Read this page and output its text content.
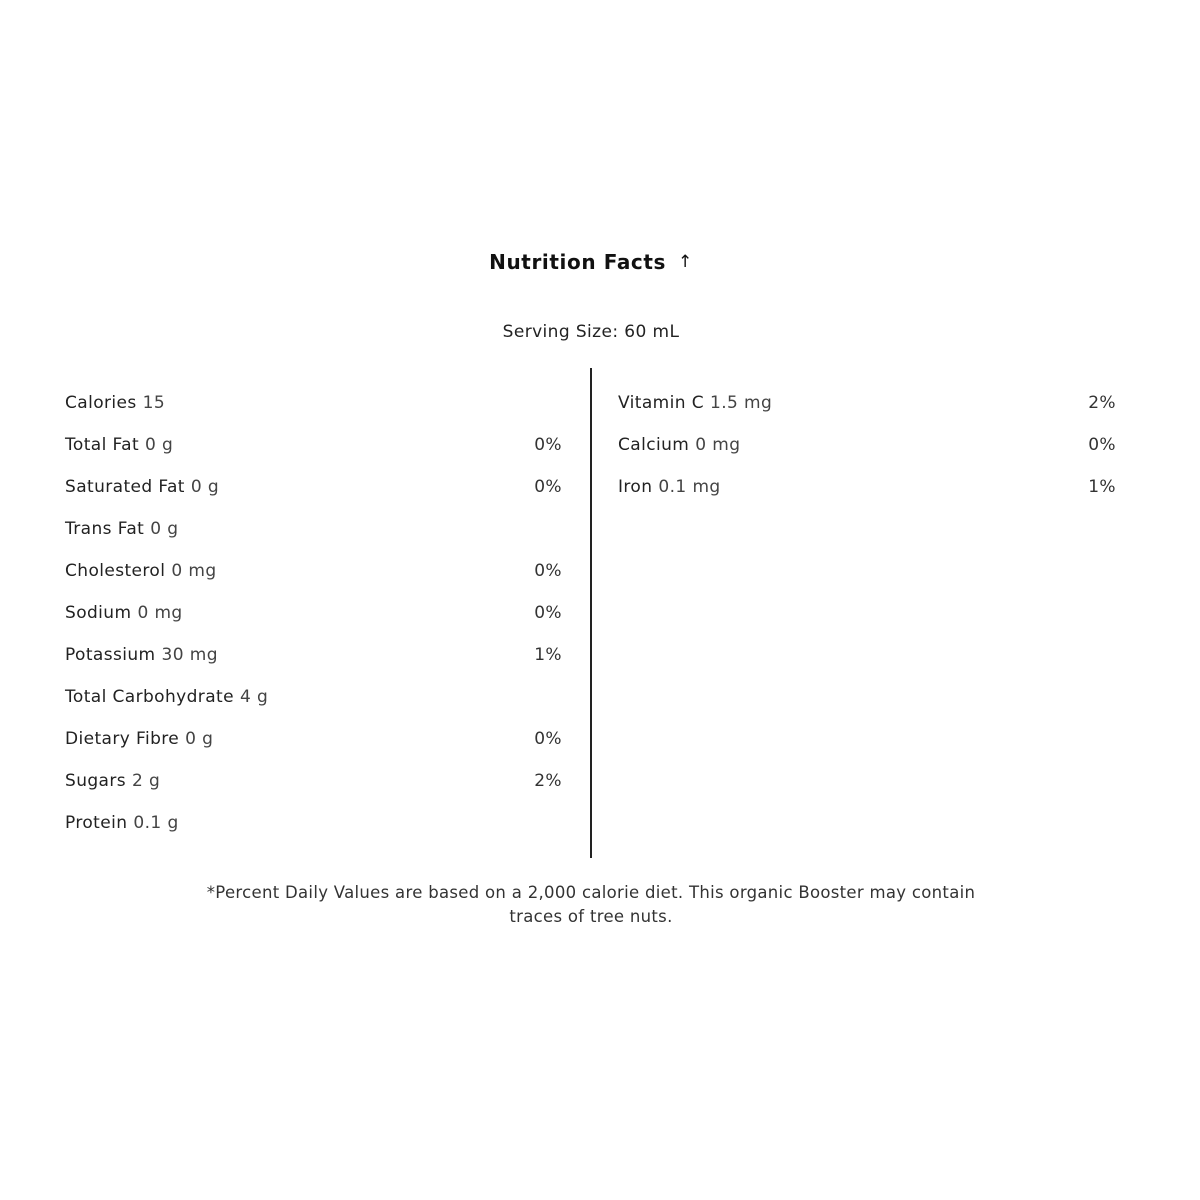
Nutrition Facts ↑
Serving Size: 60 mL
Calories 15
Total Fat 0 g	0%
Saturated Fat 0 g	0%
Trans Fat 0 g
Cholesterol 0 mg	0%
Sodium 0 mg	0%
Potassium 30 mg	1%
Total Carbohydrate 4 g
Dietary Fibre 0 g	0%
Sugars 2 g	2%
Protein 0.1 g
Vitamin C 1.5 mg	2%
Calcium 0 mg	0%
Iron 0.1 mg	1%
*Percent Daily Values are based on a 2,000 calorie diet. This organic Booster may contain traces of tree nuts.
